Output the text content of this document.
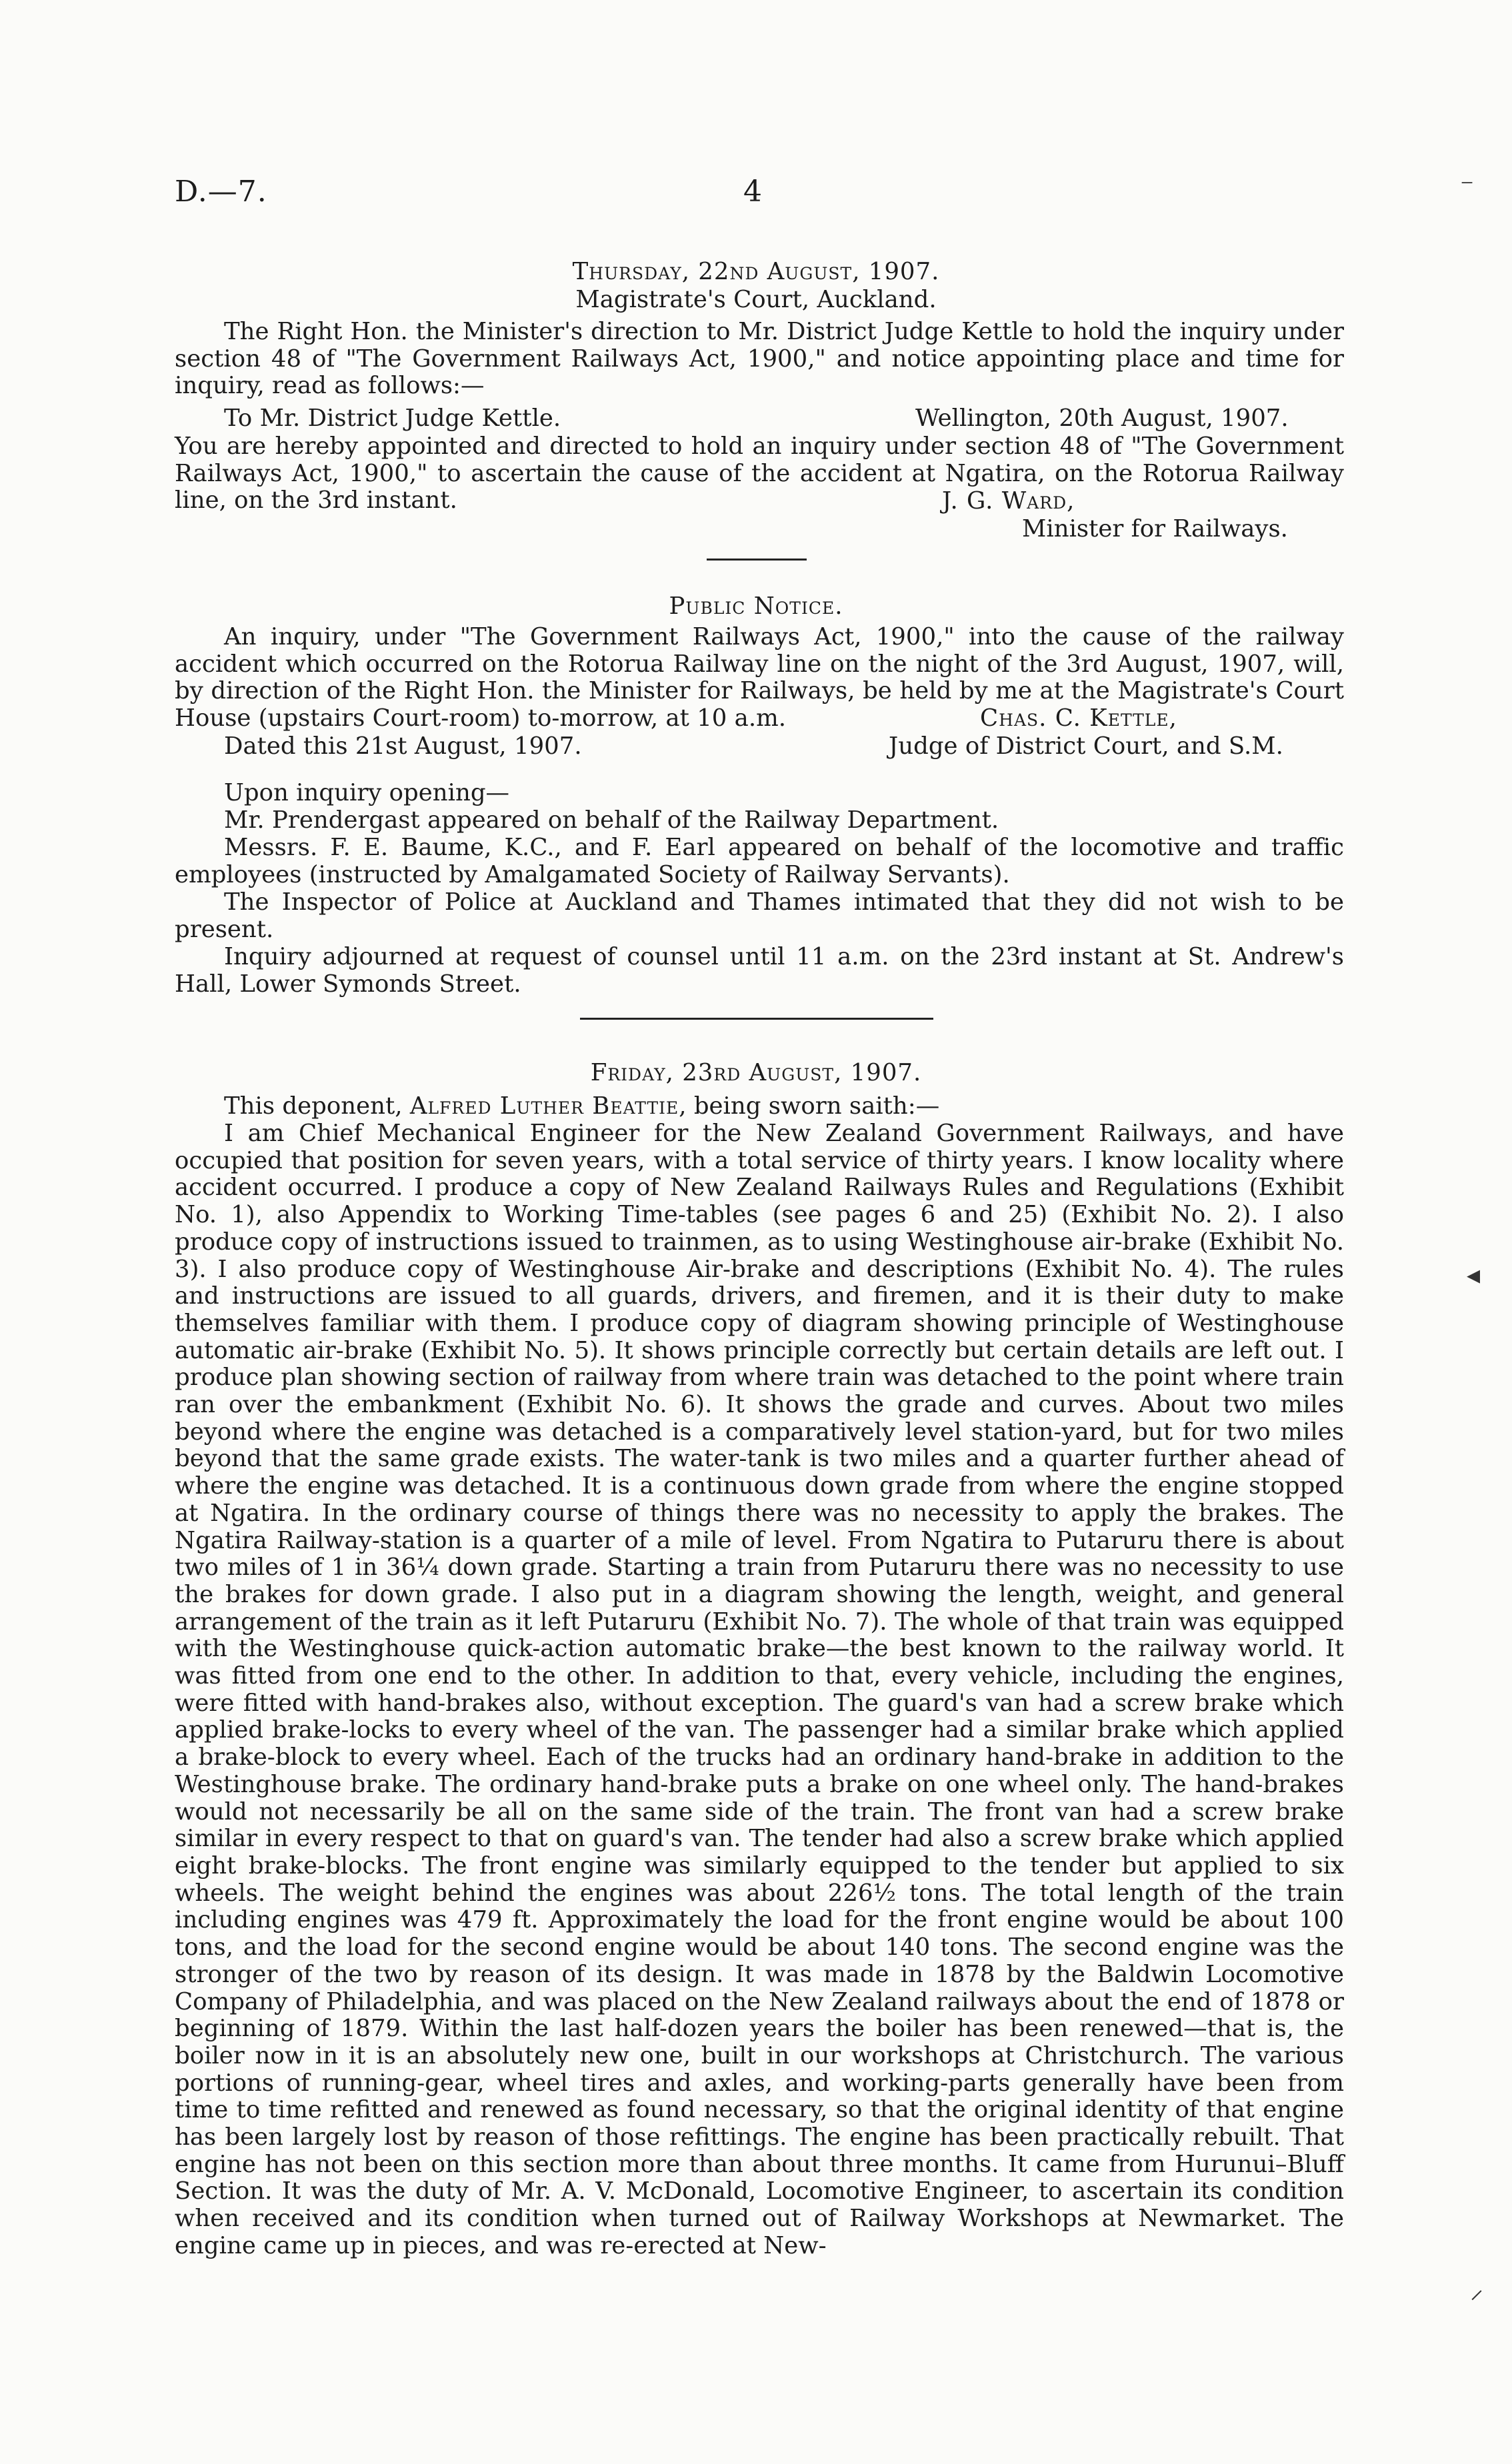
D.—7.	4	⁻
Thursday, 22nd August, 1907.
Magistrate's Court, Auckland.
The Right Hon. the Minister's direction to Mr. District Judge Kettle to hold the inquiry under section 48 of "The Government Railways Act, 1900," and notice appointing place and time for inquiry, read as follows:—
To Mr. District Judge Kettle.	Wellington, 20th August, 1907.
You are hereby appointed and directed to hold an inquiry under section 48 of "The Government Railways Act, 1900," to ascertain the cause of the accident at Ngatira, on the Rotorua Railway line, on the 3rd instant.	J. G. Ward,
Minister for Railways.
Public Notice.
An inquiry, under "The Government Railways Act, 1900," into the cause of the railway accident which occurred on the Rotorua Railway line on the night of the 3rd August, 1907, will, by direction of the Right Hon. the Minister for Railways, be held by me at the Magistrate's Court House (upstairs Court-room) to-morrow, at 10 a.m.	Chas. C. Kettle,
Dated this 21st August, 1907.	Judge of District Court, and S.M.
Upon inquiry opening—
Mr. Prendergast appeared on behalf of the Railway Department.
Messrs. F. E. Baume, K.C., and F. Earl appeared on behalf of the locomotive and traffic employees (instructed by Amalgamated Society of Railway Servants).
The Inspector of Police at Auckland and Thames intimated that they did not wish to be present.
Inquiry adjourned at request of counsel until 11 a.m. on the 23rd instant at St. Andrew's Hall, Lower Symonds Street.
Friday, 23rd August, 1907.
This deponent, Alfred Luther Beattie, being sworn saith:—
I am Chief Mechanical Engineer for the New Zealand Government Railways, and have occupied that position for seven years, with a total service of thirty years. I know locality where accident occurred. I produce a copy of New Zealand Railways Rules and Regulations (Exhibit No. 1), also Appendix to Working Time-tables (see pages 6 and 25) (Exhibit No. 2). I also produce copy of instructions issued to trainmen, as to using Westinghouse air-brake (Exhibit No. 3). I also produce copy of Westinghouse Air-brake and descriptions (Exhibit No. 4). The rules and instructions are issued to all guards, drivers, and firemen, and it is their duty to make themselves familiar with them. I produce copy of diagram showing principle of Westinghouse automatic air-brake (Exhibit No. 5). It shows principle correctly but certain details are left out. I produce plan showing section of railway from where train was detached to the point where train ran over the embankment (Exhibit No. 6). It shows the grade and curves. About two miles beyond where the engine was detached is a comparatively level station-yard, but for two miles beyond that the same grade exists. The water-tank is two miles and a quarter further ahead of where the engine was detached. It is a continuous down grade from where the engine stopped at Ngatira. In the ordinary course of things there was no necessity to apply the brakes. The Ngatira Railway-station is a quarter of a mile of level. From Ngatira to Putaruru there is about two miles of 1 in 36¼ down grade. Starting a train from Putaruru there was no necessity to use the brakes for down grade. I also put in a diagram showing the length, weight, and general arrangement of the train as it left Putaruru (Exhibit No. 7). The whole of that train was equipped with the Westinghouse quick-action automatic brake—the best known to the railway world. It was fitted from one end to the other. In addition to that, every vehicle, including the engines, were fitted with hand-brakes also, without exception. The guard's van had a screw brake which applied brake-locks to every wheel of the van. The passenger had a similar brake which applied a brake-block to every wheel. Each of the trucks had an ordinary hand-brake in addition to the Westinghouse brake. The ordinary hand-brake puts a brake on one wheel only. The hand-brakes would not necessarily be all on the same side of the train. The front van had a screw brake similar in every respect to that on guard's van. The tender had also a screw brake which applied eight brake-blocks. The front engine was similarly equipped to the tender but applied to six wheels. The weight behind the engines was about 226½ tons. The total length of the train including engines was 479 ft. Approximately the load for the front engine would be about 100 tons, and the load for the second engine would be about 140 tons. The second engine was the stronger of the two by reason of its design. It was made in 1878 by the Baldwin Locomotive Company of Philadelphia, and was placed on the New Zealand railways about the end of 1878 or beginning of 1879. Within the last half-dozen years the boiler has been renewed—that is, the boiler now in it is an absolutely new one, built in our workshops at Christchurch. The various portions of running-gear, wheel tires and axles, and working-parts generally have been from time to time refitted and renewed as found necessary, so that the original identity of that engine has been largely lost by reason of those refittings. The engine has been practically rebuilt. That engine has not been on this section more than about three months. It came from Hurunui–Bluff Section. It was the duty of Mr. A. V. McDonald, Locomotive Engineer, to ascertain its condition when received and its condition when turned out of Railway Workshops at Newmarket. The engine came up in pieces, and was re-erected at New-
◂
⸝
